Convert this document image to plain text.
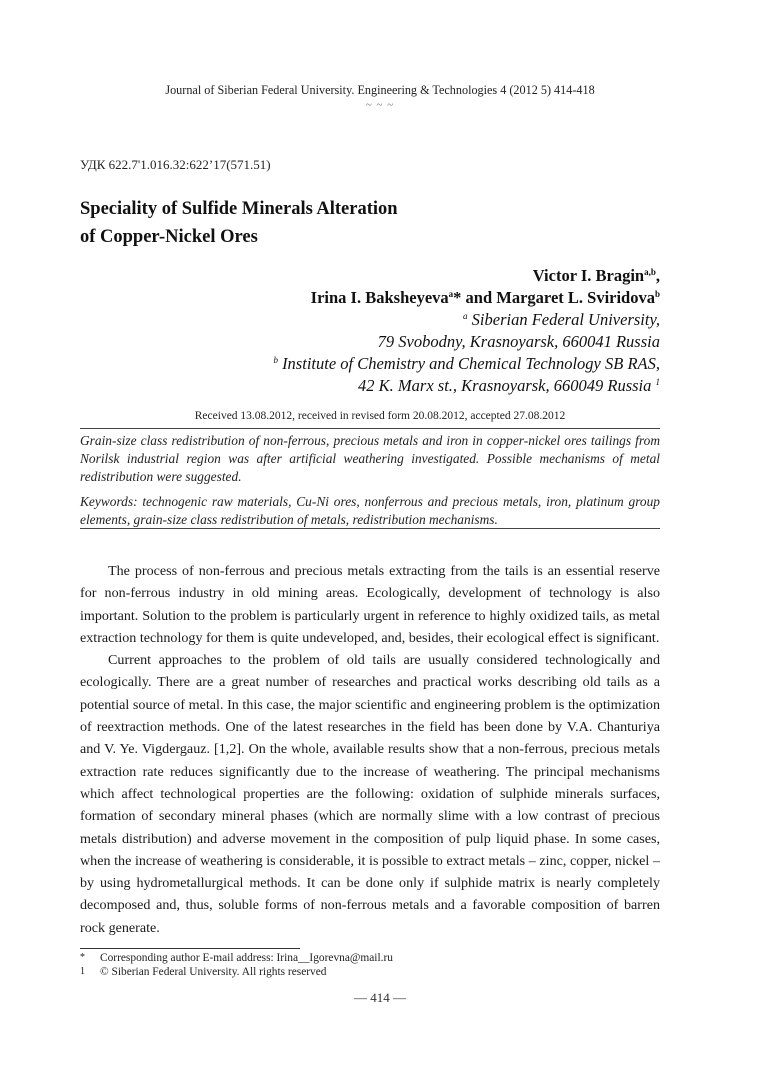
Journal of Siberian Federal University. Engineering & Technologies 4 (2012 5) 414-418
~ ~ ~
УДК 622.7'1.016.32:622’17(571.51)
Speciality of Sulfide Minerals Alteration
of Copper-Nickel Ores
Victor I. Bragin$^{a,b}$,
Irina I. Baksheyeva$^a$* and Margaret L. Sviridova$^b$
$^a$ Siberian Federal University,
79 Svobodny, Krasnoyarsk, 660041 Russia
$^b$ Institute of Chemistry and Chemical Technology SB RAS,
42 K. Marx st., Krasnoyarsk, 660049 Russia $^1$
Received 13.08.2012, received in revised form 20.08.2012, accepted 27.08.2012

Grain-size class redistribution of non-ferrous, precious metals and iron in copper-nickel ores tailings from Norilsk industrial region was after artificial weathering investigated. Possible mechanisms of metal redistribution were suggested.

Keywords: technogenic raw materials, Cu-Ni ores, nonferrous and precious metals, iron, platinum group elements, grain-size class redistribution of metals, redistribution mechanisms.

The process of non-ferrous and precious metals extracting from the tails is an essential reserve for non-ferrous industry in old mining areas. Ecologically, development of technology is also important. Solution to the problem is particularly urgent in reference to highly oxidized tails, as metal extraction technology for them is quite undeveloped, and, besides, their ecological effect is significant.

Current approaches to the problem of old tails are usually considered technologically and ecologically. There are a great number of researches and practical works describing old tails as a potential source of metal. In this case, the major scientific and engineering problem is the optimization of reextraction methods. One of the latest researches in the field has been done by V.A. Chanturiya and V. Ye. Vigdergauz. [1,2]. On the whole, available results show that a non-ferrous, precious metals extraction rate reduces significantly due to the increase of weathering. The principal mechanisms which affect technological properties are the following: oxidation of sulphide minerals surfaces, formation of secondary mineral phases (which are normally slime with a low contrast of precious metals distribution) and adverse movement in the composition of pulp liquid phase. In some cases, when the increase of weathering is considerable, it is possible to extract metals – zinc, copper, nickel – by using hydrometallurgical methods. It can be done only if sulphide matrix is nearly completely decomposed and, thus, soluble forms of non-ferrous metals and a favorable composition of barren rock generate.

*	Corresponding author E-mail address: Irina__Igorevna@mail.ru
1	© Siberian Federal University. All rights reserved
— 414 —
